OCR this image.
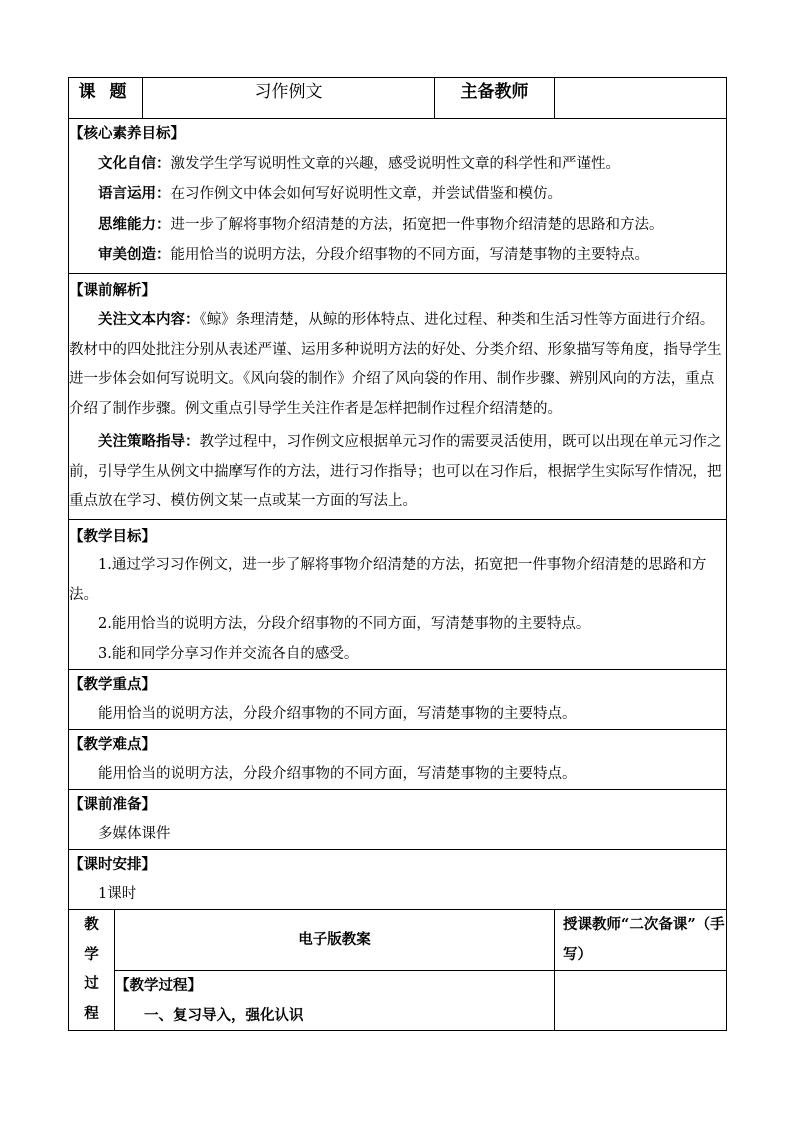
课题		习作例文	主备教师	

【核心素养目标】
文化自信：激发学生学写说明性文章的兴趣，感受说明性文章的科学性和严谨性。
语言运用：在习作例文中体会如何写好说明性文章，并尝试借鉴和模仿。
思维能力：进一步了解将事物介绍清楚的方法，拓宽把一件事物介绍清楚的思路和方法。
审美创造：能用恰当的说明方法，分段介绍事物的不同方面，写清楚事物的主要特点。				

【课前解析】
关注文本内容：《鲸》条理清楚，从鲸的形体特点、进化过程、种类和生活习性等方面进行介绍。教材中的四处批注分别从表述严谨、运用多种说明方法的好处、分类介绍、形象描写等角度，指导学生进一步体会如何写说明文。《风向袋的制作》介绍了风向袋的作用、制作步骤、辨别风向的方法，重点介绍了制作步骤。例文重点引导学生关注作者是怎样把制作过程介绍清楚的。
关注策略指导：教学过程中，习作例文应根据单元习作的需要灵活使用，既可以出现在单元习作之前，引导学生从例文中揣摩写作的方法，进行习作指导；也可以在习作后，根据学生实际写作情况，把重点放在学习、模仿例文某一点或某一方面的写法上。				

【教学目标】
1.通过学习习作例文，进一步了解将事物介绍清楚的方法，拓宽把一件事物介绍清楚的思路和方法。
2.能用恰当的说明方法，分段介绍事物的不同方面，写清楚事物的主要特点。
3.能和同学分享习作并交流各自的感受。				

【教学重点】
能用恰当的说明方法，分段介绍事物的不同方面，写清楚事物的主要特点。				

【教学难点】
能用恰当的说明方法，分段介绍事物的不同方面，写清楚事物的主要特点。				

【课前准备】
多媒体课件				

【课时安排】
1课时				

教
学
过
程	电子版教案			授课教师“二次备课”（手写）

	【教学过程】
一、复习导入，强化认识			
